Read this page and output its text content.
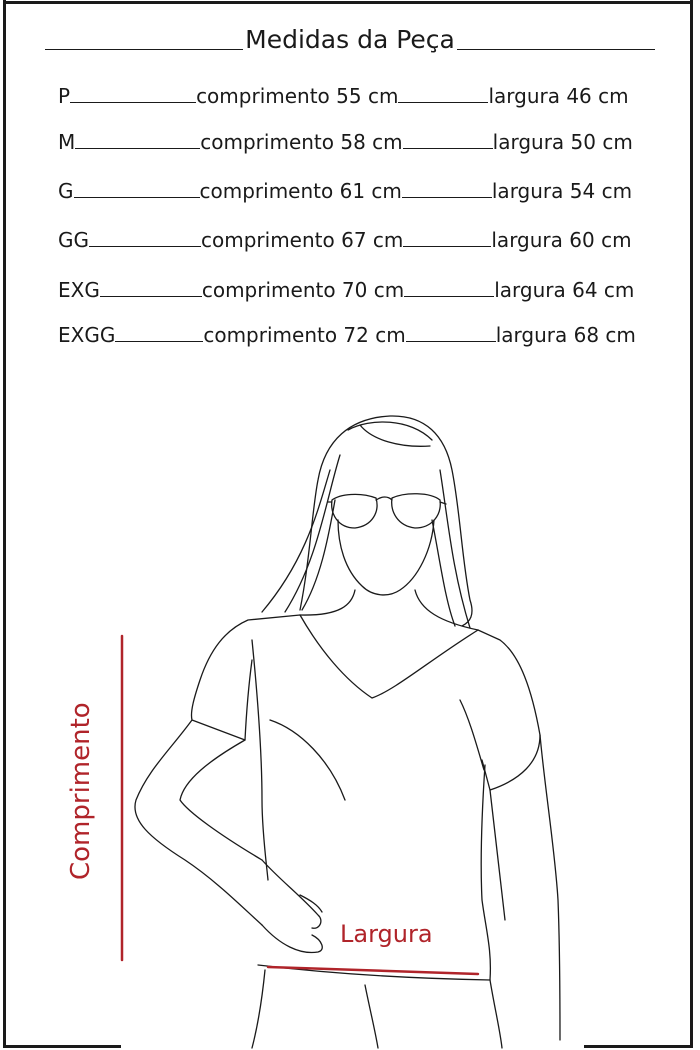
Medidas da Peça
P	comprimento 55 cm	largura 46 cm
M	comprimento 58 cm	largura 50 cm
G	comprimento 61 cm	largura 54 cm
GG	comprimento 67 cm	largura 60 cm
EXG	comprimento 70 cm	largura 64 cm
EXGG	comprimento 72 cm	largura 68 cm
Comprimento
Largura
